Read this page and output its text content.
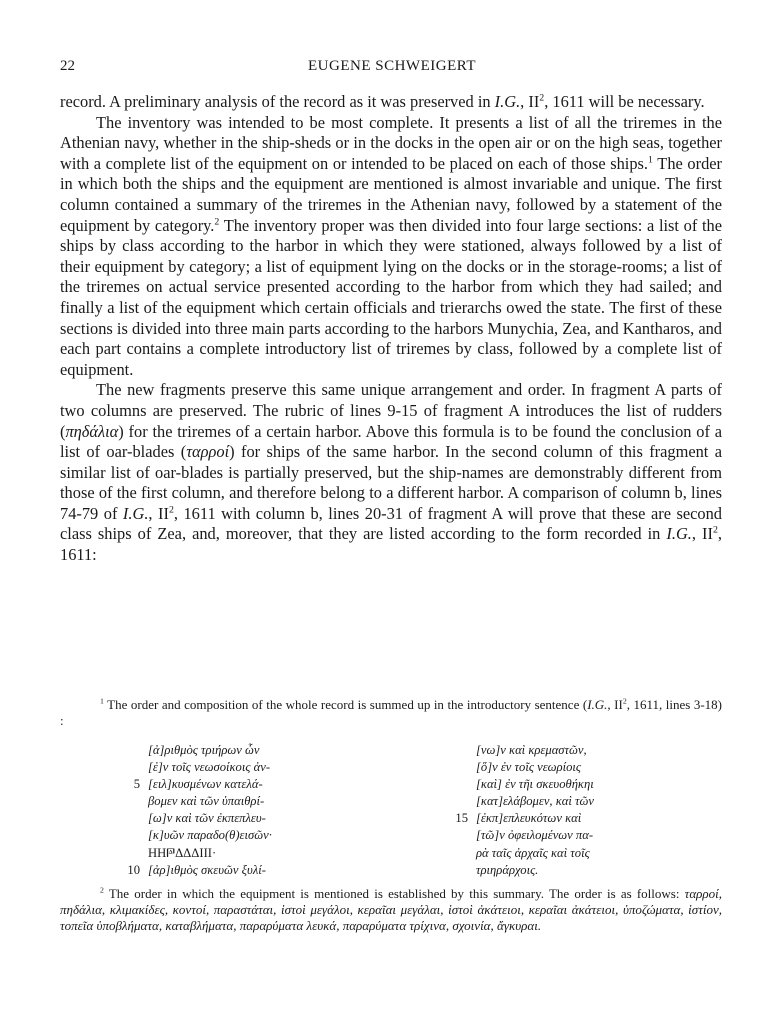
22	EUGENE SCHWEIGERT

record. A preliminary analysis of the record as it was preserved in I.G., $II^2$, 1611 will be necessary.

The inventory was intended to be most complete. It presents a list of all the triremes in the Athenian navy, whether in the ship-sheds or in the docks in the open air or on the high seas, together with a complete list of the equipment on or intended to be placed on each of those ships.$^1$ The order in which both the ships and the equipment are mentioned is almost invariable and unique. The first column contained a summary of the triremes in the Athenian navy, followed by a statement of the equipment by category.$^2$ The inventory proper was then divided into four large sections: a list of the ships by class according to the harbor in which they were stationed, always followed by a list of their equipment by category; a list of equipment lying on the docks or in the storage-rooms; a list of the triremes on actual service presented according to the harbor from which they had sailed; and finally a list of the equipment which certain officials and trierarchs owed the state. The first of these sections is divided into three main parts according to the harbors Munychia, Zea, and Kantharos, and each part contains a complete introductory list of triremes by class, followed by a complete list of equipment.

The new fragments preserve this same unique arrangement and order. In fragment A parts of two columns are preserved. The rubric of lines 9-15 of fragment A introduces the list of rudders (πηδάλια) for the triremes of a certain harbor. Above this formula is to be found the conclusion of a list of oar-blades (ταρροί) for ships of the same harbor. In the second column of this fragment a similar list of oar-blades is partially preserved, but the ship-names are demonstrably different from those of the first column, and therefore belong to a different harbor. A comparison of column b, lines 74-79 of I.G., $II^2$, 1611 with column b, lines 20-31 of fragment A will prove that these are second class ships of Zea, and, moreover, that they are listed according to the form recorded in I.G., $II^2$, 1611:

$^1$ The order and composition of the whole record is summed up in the introductory sentence (I.G., $II^2$, 1611, lines 3-18) :

[ἀ]ριθμὸς τριήρων ὧν
[ἐ]ν τοῖς νεωσοίκοις ἀν-
5 [ειλ]κυσμένων κατελά-
βομεν καὶ τῶν ὑπαιθρί-
[ω]ν καὶ τῶν ἐκπεπλευ-
[κ]υῶν παραδο(θ)εισῶν·
ΗΗ𐅄ΔΔΔΙΙΙ·
10 [ἀρ]ιθμὸς σκευῶν ξυλί-
[νω]ν καὶ κρεμαστῶν,
[ὅ]ν ἐν τοῖς νεωρίοις
[καὶ] ἐν τῆι σκευοθήκηι
[κατ]ελάβομεν, καὶ τῶν
15 [ἐκπ]επλευκότων καὶ
[τῶ]ν ὀφειλομένων πα-
ρὰ ταῖς ἀρχαῖς καὶ τοῖς
τριηράρχοις.

$^2$ The order in which the equipment is mentioned is established by this summary. The order is as follows: ταρροί, πηδάλια, κλιμακίδες, κοντοί, παραστάται, ἱστοὶ μεγάλοι, κεραῖαι μεγάλαι, ἱστοὶ ἀκάτειοι, κεραῖαι ἀκάτειοι, ὑποζώματα, ἱστίον, τοπεῖα ὑποβλήματα, καταβλήματα, παραρύματα λευκά, παραρύματα τρίχινα, σχοινία, ἄγκυραι.
